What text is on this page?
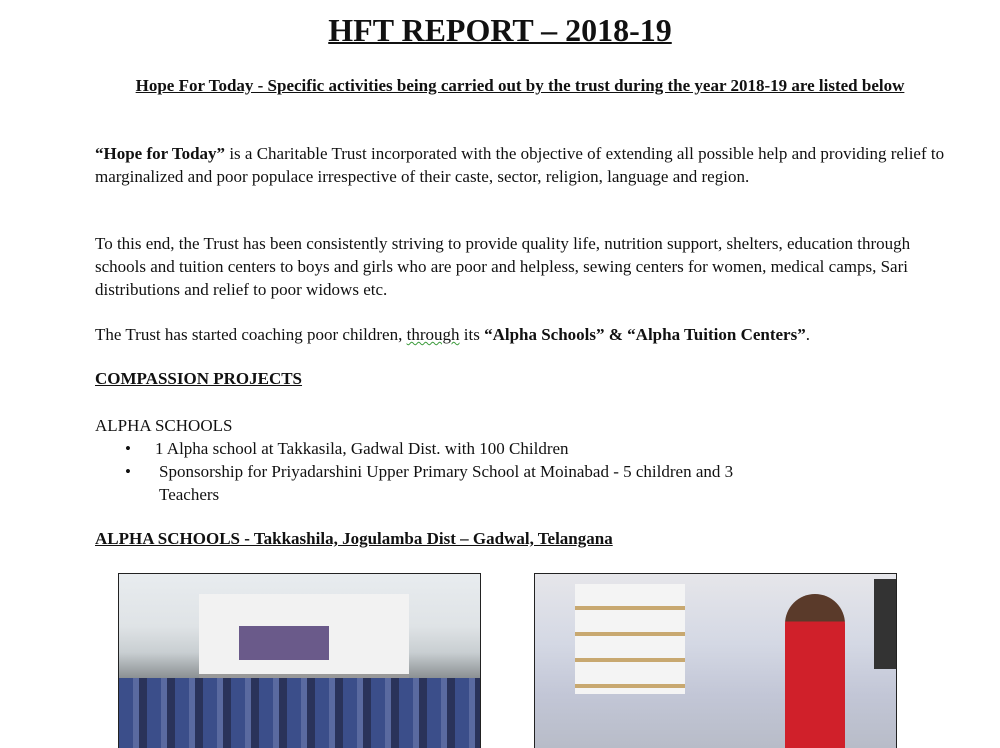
HFT REPORT – 2018-19
Hope For Today - Specific activities being carried out by the trust during the year 2018-19 are listed below
“Hope for Today” is a Charitable Trust incorporated with the objective of extending all possible help and providing relief to marginalized and poor populace irrespective of their caste, sector, religion, language and region.
To this end, the Trust has been consistently striving to provide quality life, nutrition support, shelters, education through schools and tuition centers to boys and girls who are poor and helpless, sewing centers for women, medical camps, Sari distributions and relief to poor widows etc.
The Trust has started coaching poor children, through its “Alpha Schools” & “Alpha Tuition Centers”.
COMPASSION PROJECTS
ALPHA SCHOOLS
• 1 Alpha school at Takkasila, Gadwal Dist. with 100 Children
• Sponsorship for Priyadarshini Upper Primary School at Moinabad - 5 children and 3
Teachers
ALPHA SCHOOLS - Takkashila, Jogulamba Dist – Gadwal, Telangana
